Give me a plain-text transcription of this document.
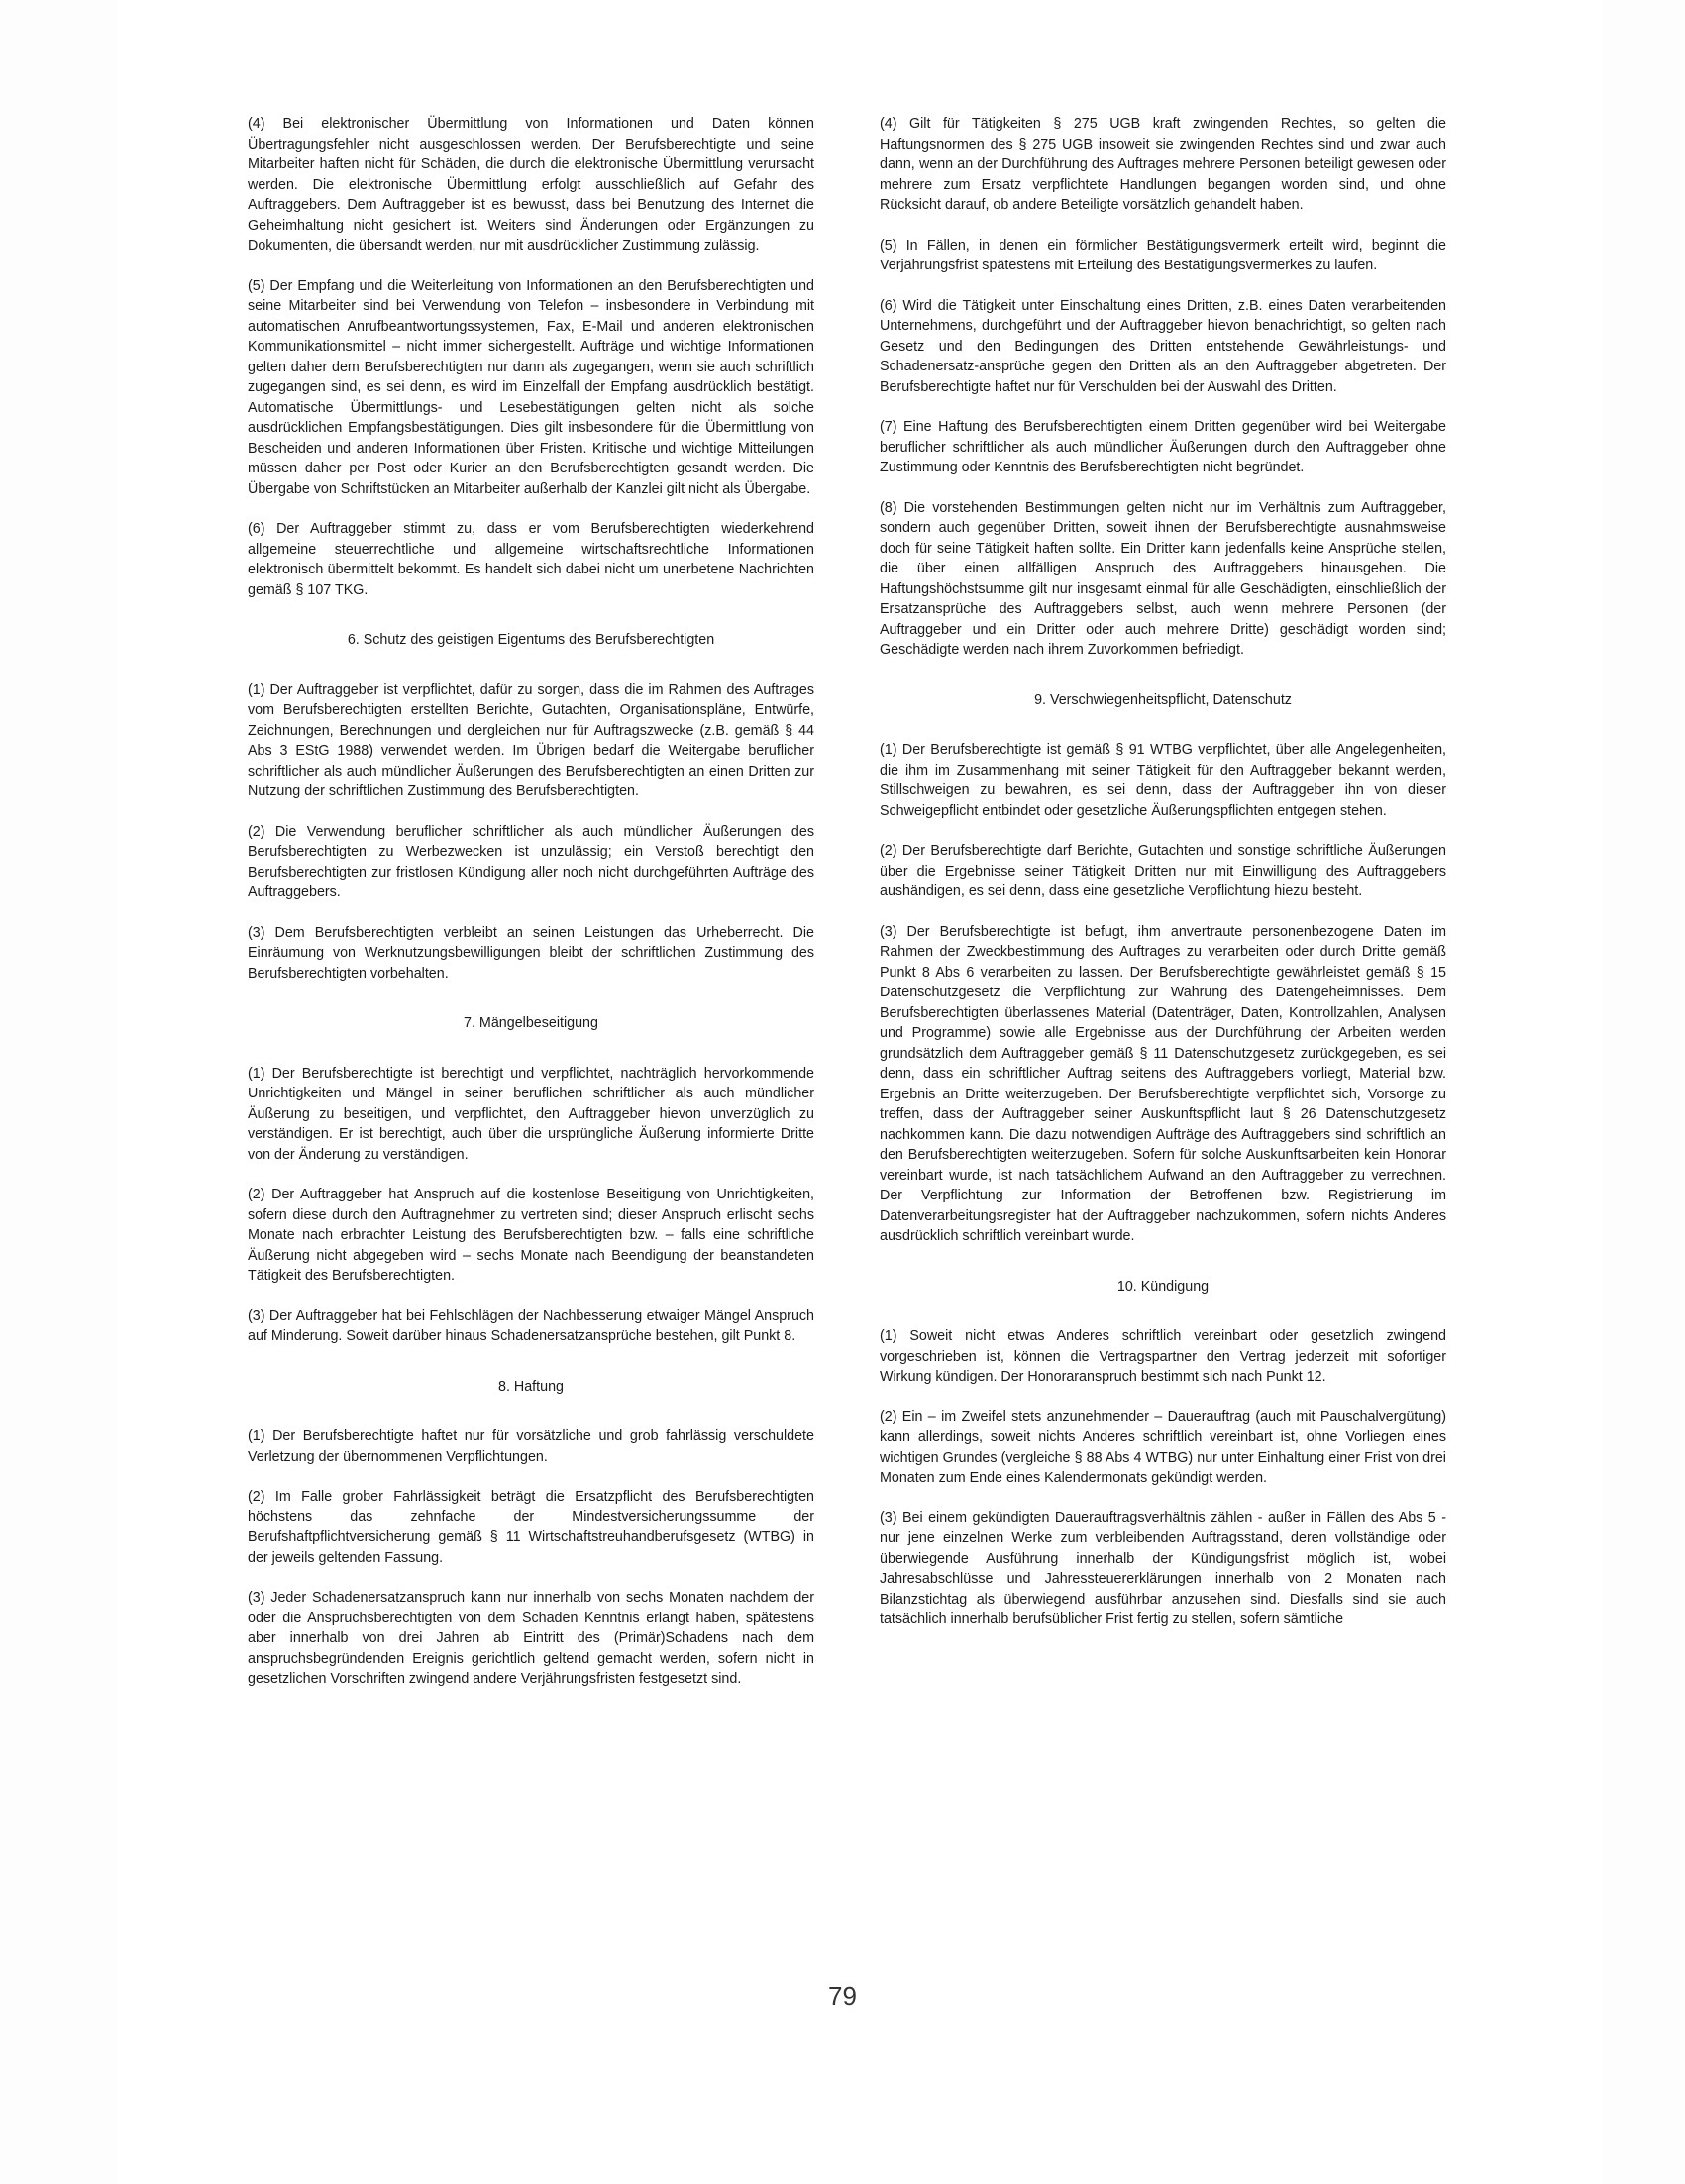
(4) Bei elektronischer Übermittlung von Informationen und Daten können Übertragungsfehler nicht ausgeschlossen werden. Der Berufsberechtigte und seine Mitarbeiter haften nicht für Schäden, die durch die elektronische Übermittlung verursacht werden. Die elektronische Übermittlung erfolgt ausschließlich auf Gefahr des Auftraggebers. Dem Auftraggeber ist es bewusst, dass bei Benutzung des Internet die Geheimhaltung nicht gesichert ist. Weiters sind Änderungen oder Ergänzungen zu Dokumenten, die übersandt werden, nur mit ausdrücklicher Zustimmung zulässig.

(5) Der Empfang und die Weiterleitung von Informationen an den Berufsberechtigten und seine Mitarbeiter sind bei Verwendung von Telefon – insbesondere in Verbindung mit automatischen Anrufbeantwortungssystemen, Fax, E-Mail und anderen elektronischen Kommunikationsmittel – nicht immer sichergestellt. Aufträge und wichtige Informationen gelten daher dem Berufsberechtigten nur dann als zugegangen, wenn sie auch schriftlich zugegangen sind, es sei denn, es wird im Einzelfall der Empfang ausdrücklich bestätigt. Automatische Übermittlungs- und Lesebestätigungen gelten nicht als solche ausdrücklichen Empfangsbestätigungen. Dies gilt insbesondere für die Übermittlung von Bescheiden und anderen Informationen über Fristen. Kritische und wichtige Mitteilungen müssen daher per Post oder Kurier an den Berufsberechtigten gesandt werden. Die Übergabe von Schriftstücken an Mitarbeiter außerhalb der Kanzlei gilt nicht als Übergabe.

(6) Der Auftraggeber stimmt zu, dass er vom Berufsberechtigten wiederkehrend allgemeine steuerrechtliche und allgemeine wirtschaftsrechtliche Informationen elektronisch übermittelt bekommt. Es handelt sich dabei nicht um unerbetene Nachrichten gemäß § 107 TKG.

6. Schutz des geistigen Eigentums des Berufsberechtigten

(1) Der Auftraggeber ist verpflichtet, dafür zu sorgen, dass die im Rahmen des Auftrages vom Berufsberechtigten erstellten Berichte, Gutachten, Organisationspläne, Entwürfe, Zeichnungen, Berechnungen und dergleichen nur für Auftragszwecke (z.B. gemäß § 44 Abs 3 EStG 1988) verwendet werden. Im Übrigen bedarf die Weitergabe beruflicher schriftlicher als auch mündlicher Äußerungen des Berufsberechtigten an einen Dritten zur Nutzung der schriftlichen Zustimmung des Berufsberechtigten.

(2) Die Verwendung beruflicher schriftlicher als auch mündlicher Äußerungen des Berufsberechtigten zu Werbezwecken ist unzulässig; ein Verstoß berechtigt den Berufsberechtigten zur fristlosen Kündigung aller noch nicht durchgeführten Aufträge des Auftraggebers.

(3) Dem Berufsberechtigten verbleibt an seinen Leistungen das Urheberrecht. Die Einräumung von Werknutzungsbewilligungen bleibt der schriftlichen Zustimmung des Berufsberechtigten vorbehalten.

7. Mängelbeseitigung

(1) Der Berufsberechtigte ist berechtigt und verpflichtet, nachträglich hervorkommende Unrichtigkeiten und Mängel in seiner beruflichen schriftlicher als auch mündlicher Äußerung zu beseitigen, und verpflichtet, den Auftraggeber hievon unverzüglich zu verständigen. Er ist berechtigt, auch über die ursprüngliche Äußerung informierte Dritte von der Änderung zu verständigen.

(2) Der Auftraggeber hat Anspruch auf die kostenlose Beseitigung von Unrichtigkeiten, sofern diese durch den Auftragnehmer zu vertreten sind; dieser Anspruch erlischt sechs Monate nach erbrachter Leistung des Berufsberechtigten bzw. – falls eine schriftliche Äußerung nicht abgegeben wird – sechs Monate nach Beendigung der beanstandeten Tätigkeit des Berufsberechtigten.

(3) Der Auftraggeber hat bei Fehlschlägen der Nachbesserung etwaiger Mängel Anspruch auf Minderung. Soweit darüber hinaus Schadenersatzansprüche bestehen, gilt Punkt 8.

8. Haftung

(1) Der Berufsberechtigte haftet nur für vorsätzliche und grob fahrlässig verschuldete Verletzung der übernommenen Verpflichtungen.

(2) Im Falle grober Fahrlässigkeit beträgt die Ersatzpflicht des Berufsberechtigten höchstens das zehnfache der Mindestversicherungssumme der Berufshaftpflichtversicherung gemäß § 11 Wirtschaftstreuhandberufsgesetz (WTBG) in der jeweils geltenden Fassung.

(3) Jeder Schadenersatzanspruch kann nur innerhalb von sechs Monaten nachdem der oder die Anspruchsberechtigten von dem Schaden Kenntnis erlangt haben, spätestens aber innerhalb von drei Jahren ab Eintritt des (Primär)Schadens nach dem anspruchsbegründenden Ereignis gerichtlich geltend gemacht werden, sofern nicht in gesetzlichen Vorschriften zwingend andere Verjährungsfristen festgesetzt sind.

(4) Gilt für Tätigkeiten § 275 UGB kraft zwingenden Rechtes, so gelten die Haftungsnormen des § 275 UGB insoweit sie zwingenden Rechtes sind und zwar auch dann, wenn an der Durchführung des Auftrages mehrere Personen beteiligt gewesen oder mehrere zum Ersatz verpflichtete Handlungen begangen worden sind, und ohne Rücksicht darauf, ob andere Beteiligte vorsätzlich gehandelt haben.

(5) In Fällen, in denen ein förmlicher Bestätigungsvermerk erteilt wird, beginnt die Verjährungsfrist spätestens mit Erteilung des Bestätigungsvermerkes zu laufen.

(6) Wird die Tätigkeit unter Einschaltung eines Dritten, z.B. eines Daten verarbeitenden Unternehmens, durchgeführt und der Auftraggeber hievon benachrichtigt, so gelten nach Gesetz und den Bedingungen des Dritten entstehende Gewährleistungs- und Schadenersatz-ansprüche gegen den Dritten als an den Auftraggeber abgetreten. Der Berufsberechtigte haftet nur für Verschulden bei der Auswahl des Dritten.

(7) Eine Haftung des Berufsberechtigten einem Dritten gegenüber wird bei Weitergabe beruflicher schriftlicher als auch mündlicher Äußerungen durch den Auftraggeber ohne Zustimmung oder Kenntnis des Berufsberechtigten nicht begründet.

(8) Die vorstehenden Bestimmungen gelten nicht nur im Verhältnis zum Auftraggeber, sondern auch gegenüber Dritten, soweit ihnen der Berufsberechtigte ausnahmsweise doch für seine Tätigkeit haften sollte. Ein Dritter kann jedenfalls keine Ansprüche stellen, die über einen allfälligen Anspruch des Auftraggebers hinausgehen. Die Haftungshöchstsumme gilt nur insgesamt einmal für alle Geschädigten, einschließlich der Ersatzansprüche des Auftraggebers selbst, auch wenn mehrere Personen (der Auftraggeber und ein Dritter oder auch mehrere Dritte) geschädigt worden sind; Geschädigte werden nach ihrem Zuvorkommen befriedigt.

9. Verschwiegenheitspflicht, Datenschutz

(1) Der Berufsberechtigte ist gemäß § 91 WTBG verpflichtet, über alle Angelegenheiten, die ihm im Zusammenhang mit seiner Tätigkeit für den Auftraggeber bekannt werden, Stillschweigen zu bewahren, es sei denn, dass der Auftraggeber ihn von dieser Schweigepflicht entbindet oder gesetzliche Äußerungspflichten entgegen stehen.

(2) Der Berufsberechtigte darf Berichte, Gutachten und sonstige schriftliche Äußerungen über die Ergebnisse seiner Tätigkeit Dritten nur mit Einwilligung des Auftraggebers aushändigen, es sei denn, dass eine gesetzliche Verpflichtung hiezu besteht.

(3) Der Berufsberechtigte ist befugt, ihm anvertraute personenbezogene Daten im Rahmen der Zweckbestimmung des Auftrages zu verarbeiten oder durch Dritte gemäß Punkt 8 Abs 6 verarbeiten zu lassen. Der Berufsberechtigte gewährleistet gemäß § 15 Datenschutzgesetz die Verpflichtung zur Wahrung des Datengeheimnisses. Dem Berufsberechtigten überlassenes Material (Datenträger, Daten, Kontrollzahlen, Analysen und Programme) sowie alle Ergebnisse aus der Durchführung der Arbeiten werden grundsätzlich dem Auftraggeber gemäß § 11 Datenschutzgesetz zurückgegeben, es sei denn, dass ein schriftlicher Auftrag seitens des Auftraggebers vorliegt, Material bzw. Ergebnis an Dritte weiterzugeben. Der Berufsberechtigte verpflichtet sich, Vorsorge zu treffen, dass der Auftraggeber seiner Auskunftspflicht laut § 26 Datenschutzgesetz nachkommen kann. Die dazu notwendigen Aufträge des Auftraggebers sind schriftlich an den Berufsberechtigten weiterzugeben. Sofern für solche Auskunftsarbeiten kein Honorar vereinbart wurde, ist nach tatsächlichem Aufwand an den Auftraggeber zu verrechnen. Der Verpflichtung zur Information der Betroffenen bzw. Registrierung im Datenverarbeitungsregister hat der Auftraggeber nachzukommen, sofern nichts Anderes ausdrücklich schriftlich vereinbart wurde.

10. Kündigung

(1) Soweit nicht etwas Anderes schriftlich vereinbart oder gesetzlich zwingend vorgeschrieben ist, können die Vertragspartner den Vertrag jederzeit mit sofortiger Wirkung kündigen. Der Honoraranspruch bestimmt sich nach Punkt 12.

(2) Ein – im Zweifel stets anzunehmender – Dauerauftrag (auch mit Pauschalvergütung) kann allerdings, soweit nichts Anderes schriftlich vereinbart ist, ohne Vorliegen eines wichtigen Grundes (vergleiche § 88 Abs 4 WTBG) nur unter Einhaltung einer Frist von drei Monaten zum Ende eines Kalendermonats gekündigt werden.

(3) Bei einem gekündigten Dauerauftragsverhältnis zählen - außer in Fällen des Abs 5 - nur jene einzelnen Werke zum verbleibenden Auftragsstand, deren vollständige oder überwiegende Ausführung innerhalb der Kündigungsfrist möglich ist, wobei Jahresabschlüsse und Jahressteuererklärungen innerhalb von 2 Monaten nach Bilanzstichtag als überwiegend ausführbar anzusehen sind. Diesfalls sind sie auch tatsächlich innerhalb berufsüblicher Frist fertig zu stellen, sofern sämtliche

79
